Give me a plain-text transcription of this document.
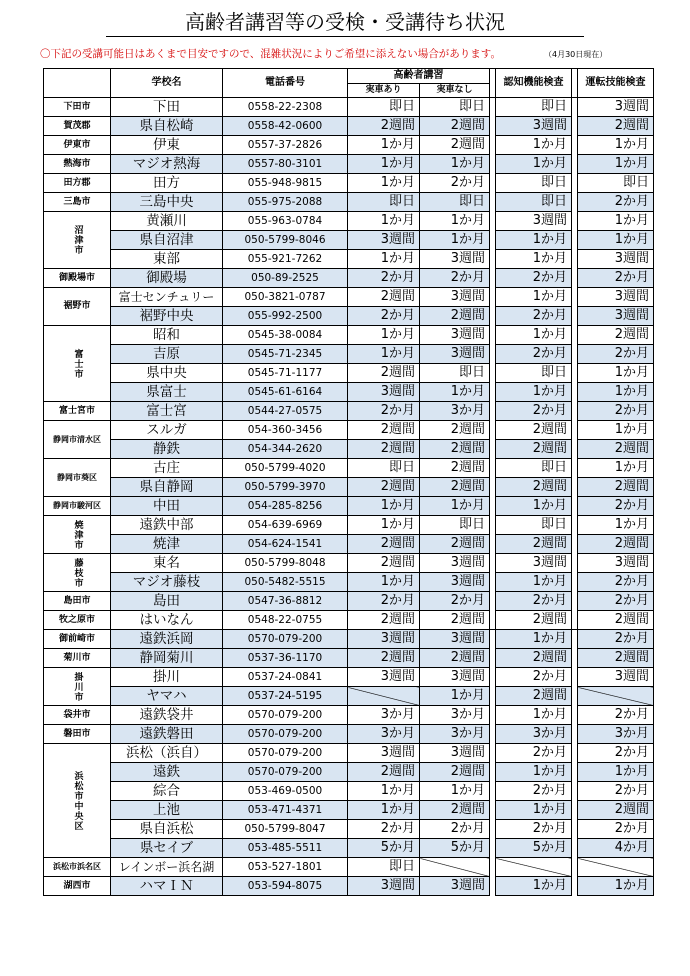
高齢者講習等の受検・受講待ち状況
〇下記の受講可能日はあくまで目安ですので、混雑状況によりご希望に添えない場合があります。	（4月30日現在）
	学校名	電話番号	高齢者講習			認知機能検査		運転技能検査
			実車あり	実車なし				
下田市	下田	0558-22-2308	即日	即日		即日		3週間
賀茂郡	県自松崎	0558-42-0600	2週間	2週間		3週間		2週間
伊東市	伊東	0557-37-2826	1か月	2週間		1か月		1か月
熱海市	マジオ熱海	0557-80-3101	1か月	1か月		1か月		1か月
田方郡	田方	055-948-9815	1か月	2か月		即日		即日
三島市	三島中央	055-975-2088	即日	即日		即日		2か月
沼津市	黄瀬川	055-963-0784	1か月	1か月		3週間		1か月
	県自沼津	050-5799-8046	3週間	1か月		1か月		1か月
	東部	055-921-7262	1か月	3週間		1か月		3週間
御殿場市	御殿場	050-89-2525	2か月	2か月		2か月		2か月
裾野市	富士センチュリー	050-3821-0787	2週間	3週間		1か月		3週間
	裾野中央	055-992-2500	2か月	2週間		2か月		3週間
富士市	昭和	0545-38-0084	1か月	3週間		1か月		2週間
	吉原	0545-71-2345	1か月	3週間		2か月		2か月
	県中央	0545-71-1177	2週間	即日		即日		1か月
	県富士	0545-61-6164	3週間	1か月		1か月		1か月
富士宮市	富士宮	0544-27-0575	2か月	3か月		2か月		2か月
静岡市清水区	スルガ	054-360-3456	2週間	2週間		2週間		1か月
	静鉄	054-344-2620	2週間	2週間		2週間		2週間
静岡市葵区	古庄	050-5799-4020	即日	2週間		即日		1か月
	県自静岡	050-5799-3970	2週間	2週間		2週間		2週間
静岡市駿河区	中田	054-285-8256	1か月	1か月		1か月		2か月
焼津市	遠鉄中部	054-639-6969	1か月	即日		即日		1か月
	焼津	054-624-1541	2週間	2週間		2週間		2週間
藤枝市	東名	050-5799-8048	2週間	3週間		3週間		3週間
	マジオ藤枝	050-5482-5515	1か月	3週間		1か月		2か月
島田市	島田	0547-36-8812	2か月	2か月		2か月		2か月
牧之原市	はいなん	0548-22-0755	2週間	2週間		2週間		2週間
御前崎市	遠鉄浜岡	0570-079-200	3週間	3週間		1か月		2か月
菊川市	静岡菊川	0537-36-1170	2週間	2週間		2週間		2週間
掛川市	掛川	0537-24-0841	3週間	3週間		2か月		3週間
	ヤマハ	0537-24-5195		1か月		2週間		
袋井市	遠鉄袋井	0570-079-200	3か月	3か月		1か月		2か月
磐田市	遠鉄磐田	0570-079-200	3か月	3か月		3か月		3か月
浜松市中央区	浜松（浜自）	0570-079-200	3週間	3週間		2か月		2か月
	遠鉄	0570-079-200	2週間	2週間		1か月		1か月
	綜合	053-469-0500	1か月	1か月		2か月		2か月
	上池	053-471-4371	1か月	2週間		1か月		2週間
	県自浜松	050-5799-8047	2か月	2か月		2か月		2か月
	県セイブ	053-485-5511	5か月	5か月		5か月		4か月
浜松市浜名区	レインボー浜名湖	053-527-1801	即日					
湖西市	ハマＩＮ	053-594-8075	3週間	3週間		1か月		1か月
